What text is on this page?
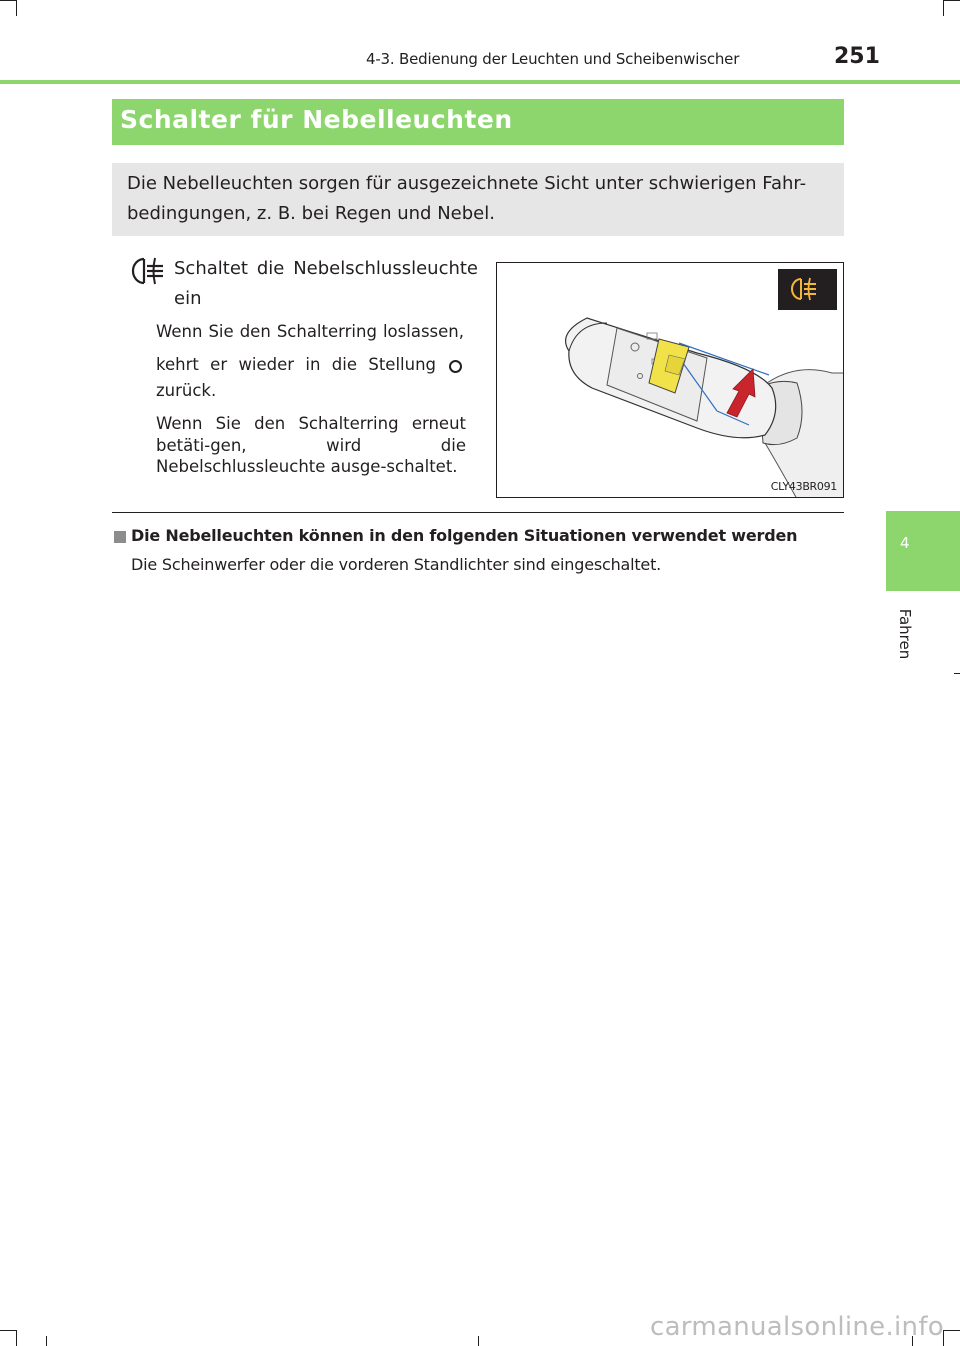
4-3. Bedienung der Leuchten und Scheibenwischer	251
4
Fahren
Schalter für Nebelleuchten

Die Nebelleuchten sorgen für ausgezeichnete Sicht unter schwierigen Fahr-bedingungen, z. B. bei Regen und Nebel.

Schaltet die Nebelschlussleuchte
ein
Wenn Sie den Schalterring loslassen,
kehrt er wieder in die Stellung
zurück.
Wenn Sie den Schalterring erneut betäti-gen, wird die Nebelschlussleuchte ausge-schaltet.
CLY43BR091
Die Nebelleuchten können in den folgenden Situationen verwendet werden
Die Scheinwerfer oder die vorderen Standlichter sind eingeschaltet.
carmanualsonline.info
